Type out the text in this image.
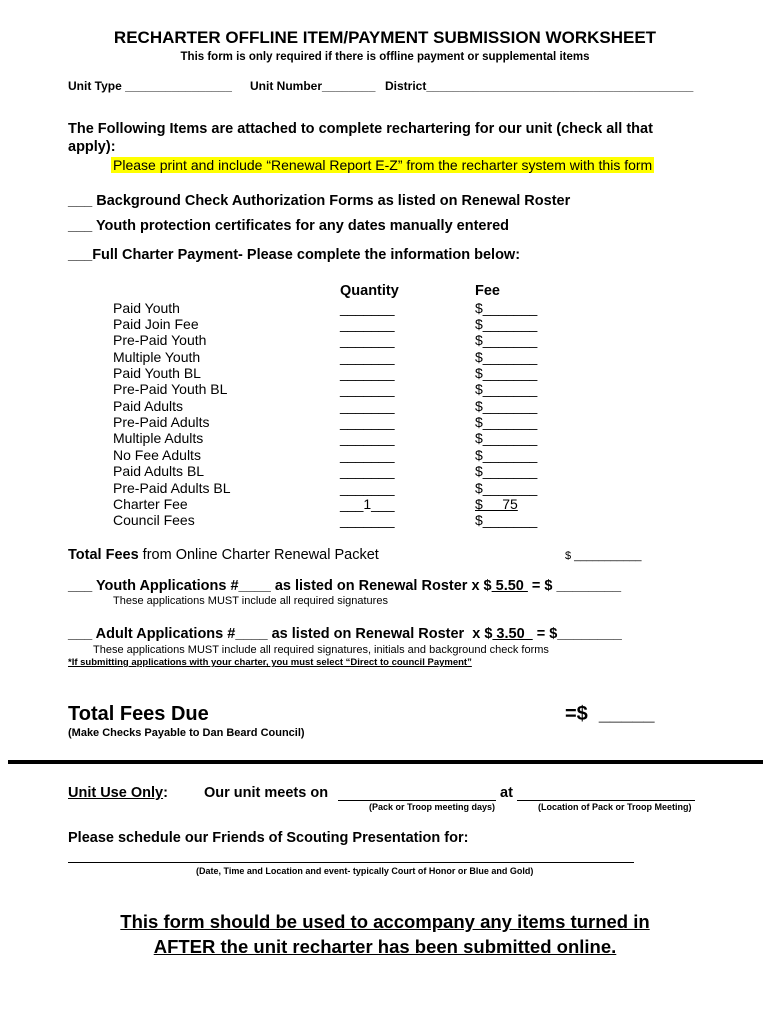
RECHARTER OFFLINE ITEM/PAYMENT SUBMISSION WORKSHEET
This form is only required if there is offline payment or supplemental items
Unit Type ________________ Unit Number________ District________________________________________
The Following Items are attached to complete rechartering for our unit (check all that
apply):
Please print and include “Renewal Report E-Z” from the recharter system with this form
___ Background Check Authorization Forms as listed on Renewal Roster
___ Youth protection certificates for any dates manually entered
___Full Charter Payment- Please complete the information below:
Quantity	Fee
Paid Youth	_______	$_______
Paid Join Fee	_______	$_______
Pre-Paid Youth	_______	$_______
Multiple Youth	_______	$_______
Paid Youth BL	_______	$_______
Pre-Paid Youth BL	_______	$_______
Paid Adults	_______	$_______
Pre-Paid Adults	_______	$_______
Multiple Adults	_______	$_______
No Fee Adults	_______	$_______
Paid Adults BL	_______	$_______
Pre-Paid Adults BL	_______	$_______
Charter Fee	___1___	$     75
Council Fees	_______	$_______
Total Fees from Online Charter Renewal Packet	$ ___________
___ Youth Applications #____ as listed on Renewal Roster x $ 5.50  = $ ________
These applications MUST include all required signatures
___ Adult Applications #____ as listed on Renewal Roster  x $ 3.50   = $________
These applications MUST include all required signatures, initials and background check forms
*If submitting applications with your charter, you must select “Direct to council Payment”
Total Fees Due	=$  _____
(Make Checks Payable to Dan Beard Council)
Unit Use Only: Our unit meets on	at
(Pack or Troop meeting days)	(Location of Pack or Troop Meeting)
Please schedule our Friends of Scouting Presentation for:
(Date, Time and Location and event- typically Court of Honor or Blue and Gold)
This form should be used to accompany any items turned in
AFTER the unit recharter has been submitted online.
